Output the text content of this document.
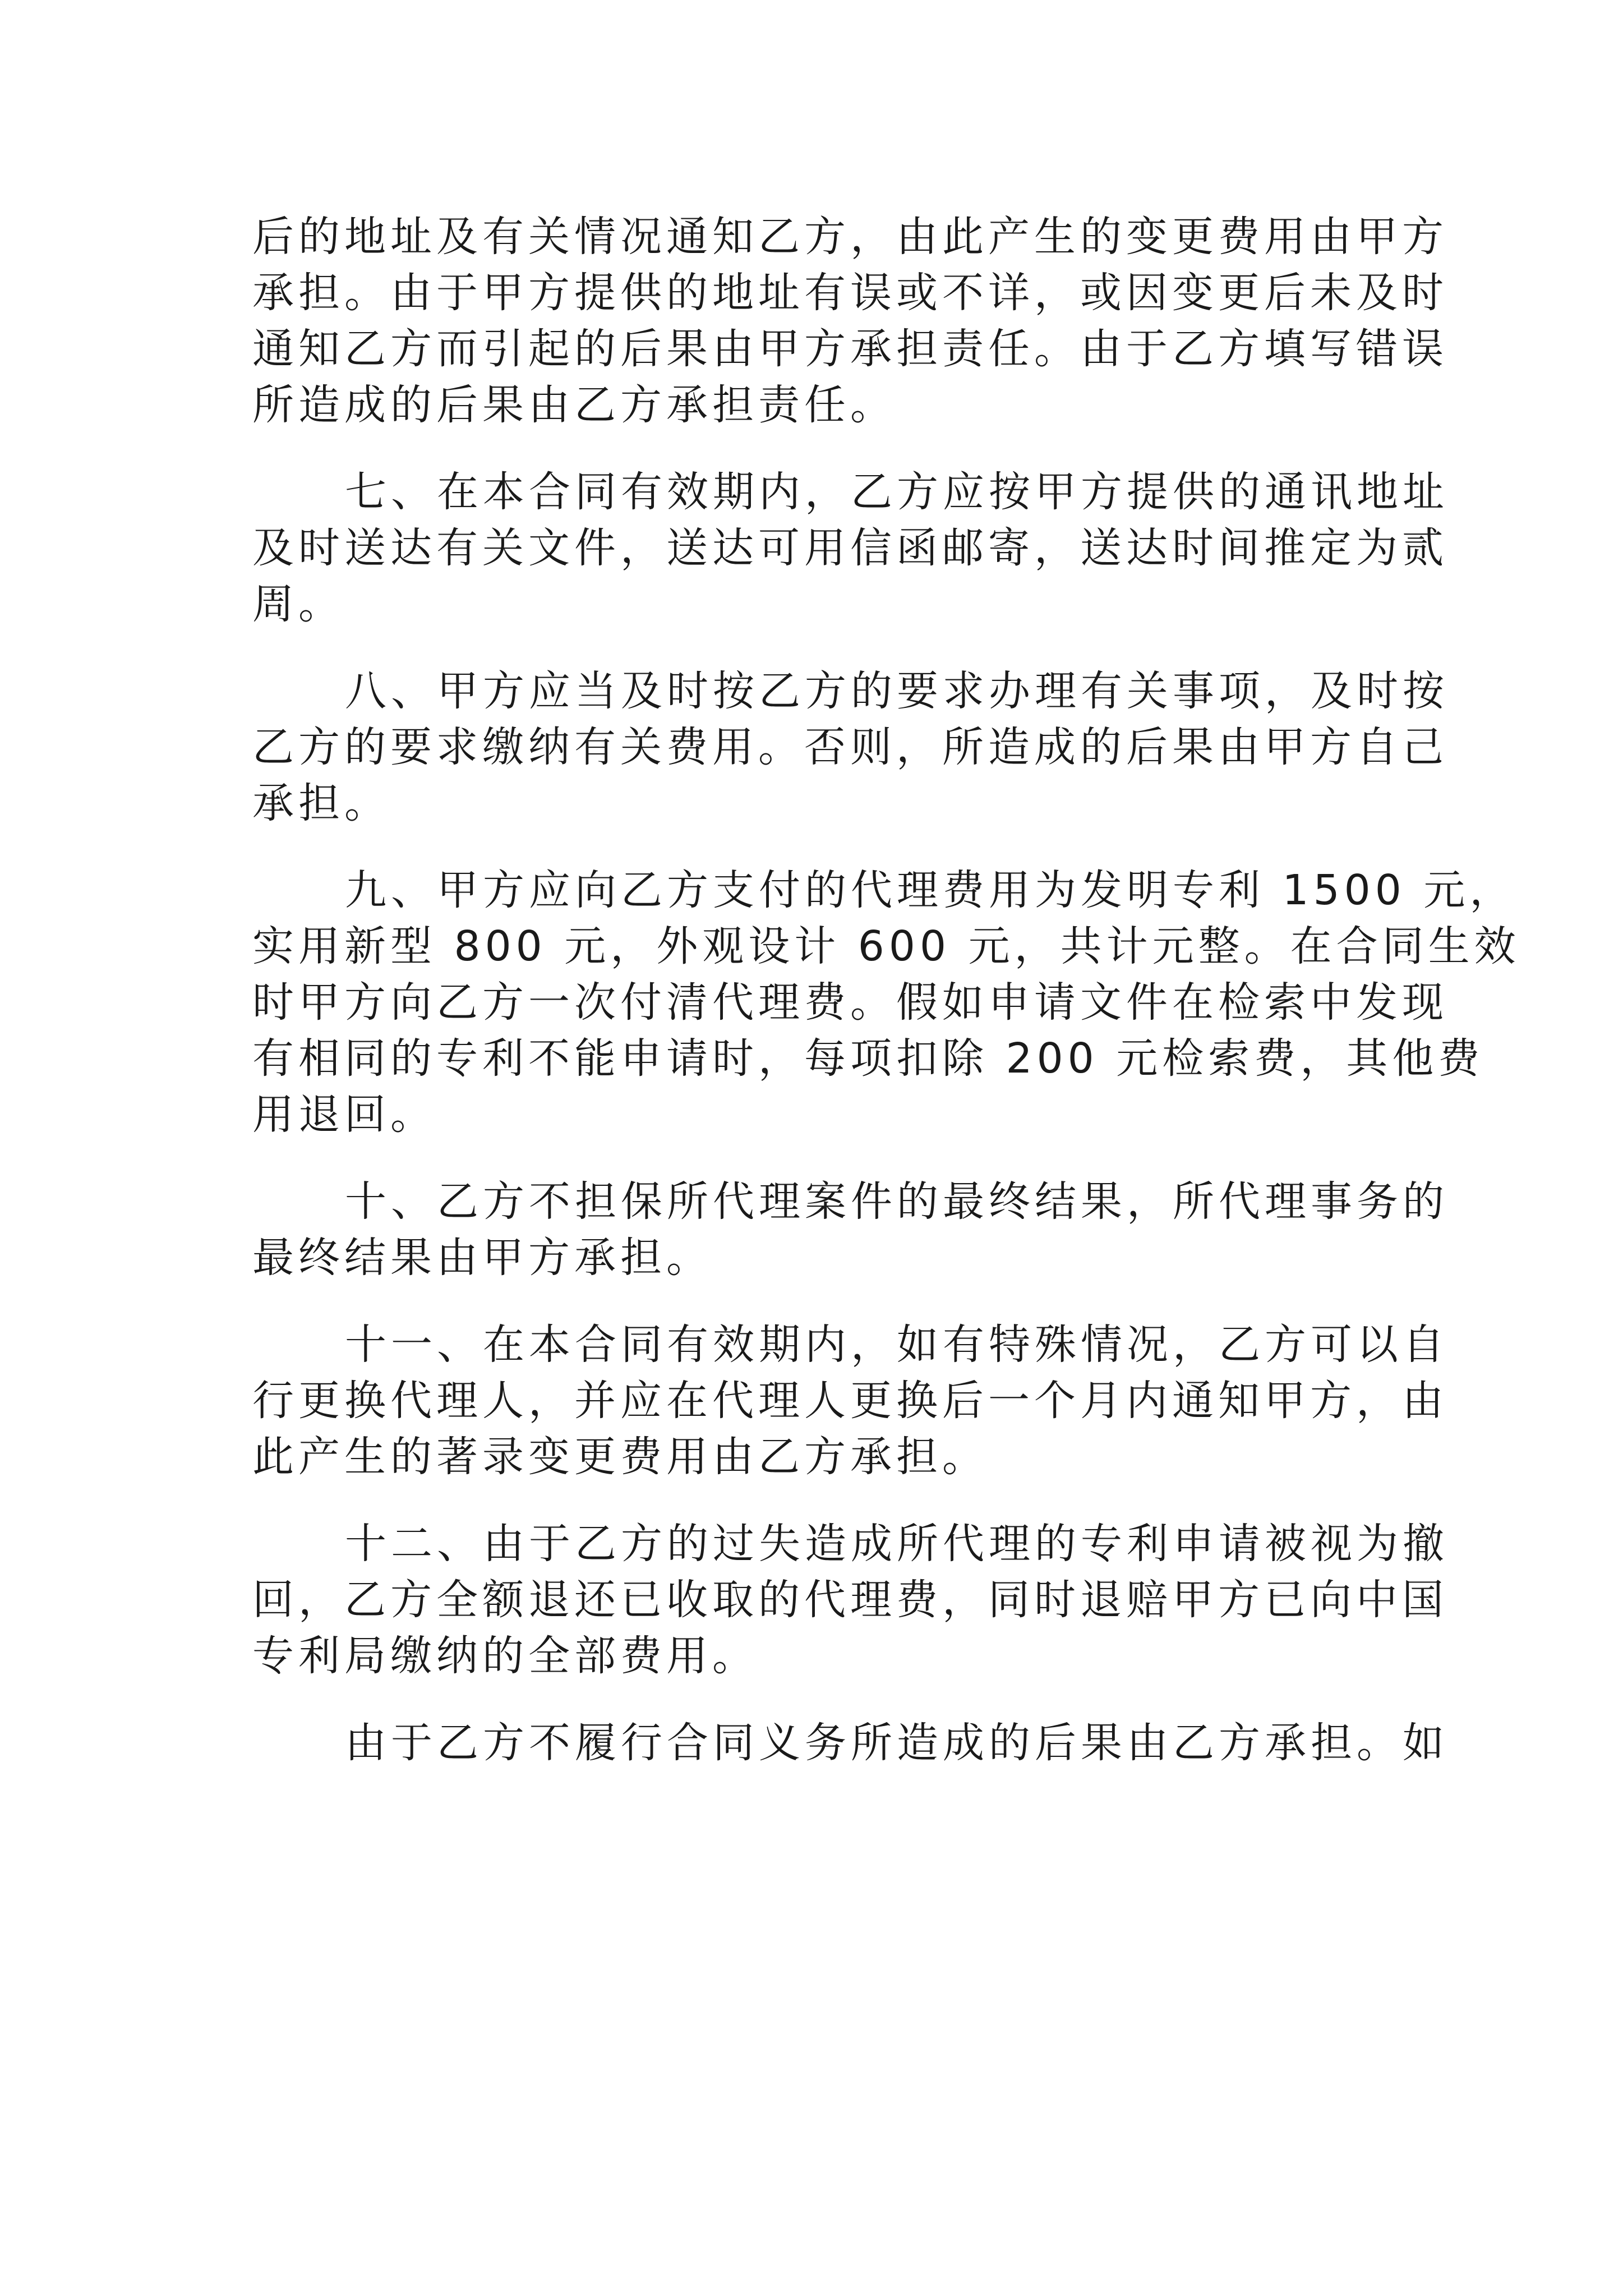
后的地址及有关情况通知乙方，由此产生的变更费用由甲方
承担。由于甲方提供的地址有误或不详，或因变更后未及时
通知乙方而引起的后果由甲方承担责任。由于乙方填写错误
所造成的后果由乙方承担责任。
七、在本合同有效期内，乙方应按甲方提供的通讯地址
及时送达有关文件，送达可用信函邮寄，送达时间推定为贰
周。
八、甲方应当及时按乙方的要求办理有关事项，及时按
乙方的要求缴纳有关费用。否则，所造成的后果由甲方自己
承担。
九、甲方应向乙方支付的代理费用为发明专利 1500 元，
实用新型 800 元，外观设计 600 元，共计元整。在合同生效
时甲方向乙方一次付清代理费。假如申请文件在检索中发现
有相同的专利不能申请时，每项扣除 200 元检索费，其他费
用退回。
十、乙方不担保所代理案件的最终结果，所代理事务的
最终结果由甲方承担。
十一、在本合同有效期内，如有特殊情况，乙方可以自
行更换代理人，并应在代理人更换后一个月内通知甲方，由
此产生的著录变更费用由乙方承担。
十二、由于乙方的过失造成所代理的专利申请被视为撤
回，乙方全额退还已收取的代理费，同时退赔甲方已向中国
专利局缴纳的全部费用。
由于乙方不履行合同义务所造成的后果由乙方承担。如
